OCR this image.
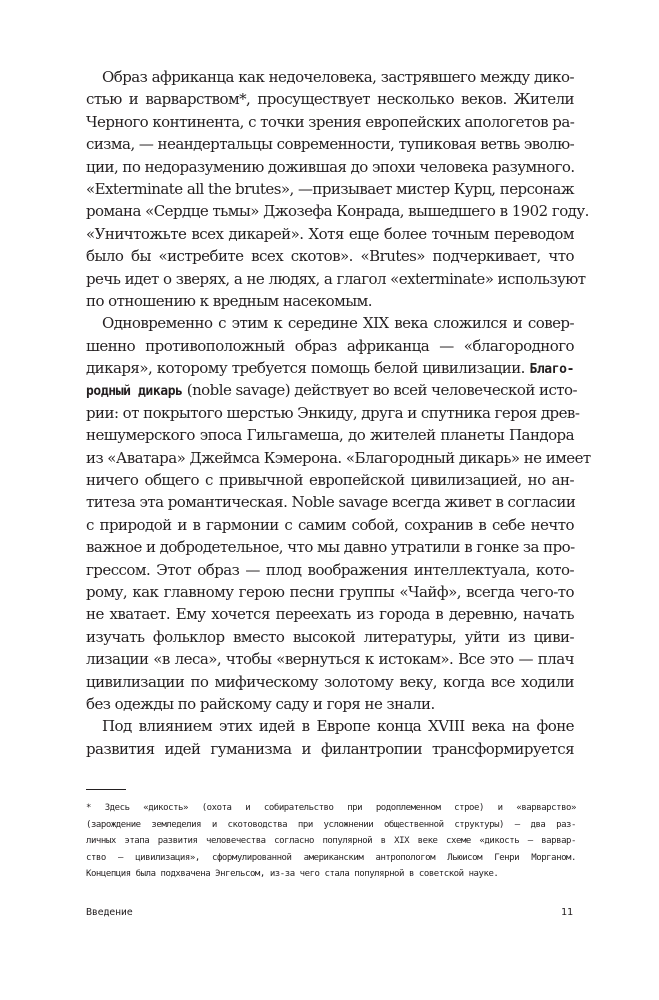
Образ африканца как недочеловека, застрявшего между дико-
стью и варварством*, просуществует несколько веков. Жители
Черного континента, с точки зрения европейских апологетов ра-
сизма, — неандертальцы современности, тупиковая ветвь эволю-
ции, по недоразумению дожившая до эпохи человека разумного.
«Exterminate all the brutes», —призывает мистер Курц, персонаж
романа «Сердце тьмы» Джозефа Конрада, вышедшего в 1902 году.
«Уничтожьте всех дикарей». Хотя еще более точным переводом
было бы «истребите всех скотов». «Brutes» подчеркивает, что
речь идет о зверях, а не людях, а глагол «exterminate» используют
по отношению к вредным насекомым.
Одновременно с этим к середине XIX века сложился и совер-
шенно противоположный образ африканца — «благородного
дикаря», которому требуется помощь белой цивилизации. Благо-
родный дикарь (noble savage) действует во всей человеческой исто-
рии: от покрытого шерстью Энкиду, друга и спутника героя древ-
нешумерского эпоса Гильгамеша, до жителей планеты Пандора
из «Аватара» Джеймса Кэмерона. «Благородный дикарь» не имеет
ничего общего с привычной европейской цивилизацией, но ан-
титеза эта романтическая. Noble savage всегда живет в согласии
с природой и в гармонии с самим собой, сохранив в себе нечто
важное и добродетельное, что мы давно утратили в гонке за про-
грессом. Этот образ — плод воображения интеллектуала, кото-
рому, как главному герою песни группы «Чайф», всегда чего-то
не хватает. Ему хочется переехать из города в деревню, начать
изучать фольклор вместо высокой литературы, уйти из циви-
лизации «в леса», чтобы «вернуться к истокам». Все это — плач
цивилизации по мифическому золотому веку, когда все ходили
без одежды по райскому саду и горя не знали.
Под влиянием этих идей в Европе конца XVIII века на фоне
развития идей гуманизма и филантропии трансформируется
* Здесь «дикость» (охота и собирательство при родоплеменном строе) и «варварство»
(зарождение земледелия и скотоводства при усложнении общественной структуры) — два раз-
личных этапа развития человечества согласно популярной в XIX веке схеме «дикость — варвар-
ство — цивилизация», сформулированной американским антропологом Льюисом Генри Морганом.
Концепция была подхвачена Энгельсом, из-за чего стала популярной в советской науке.
Введение	11
